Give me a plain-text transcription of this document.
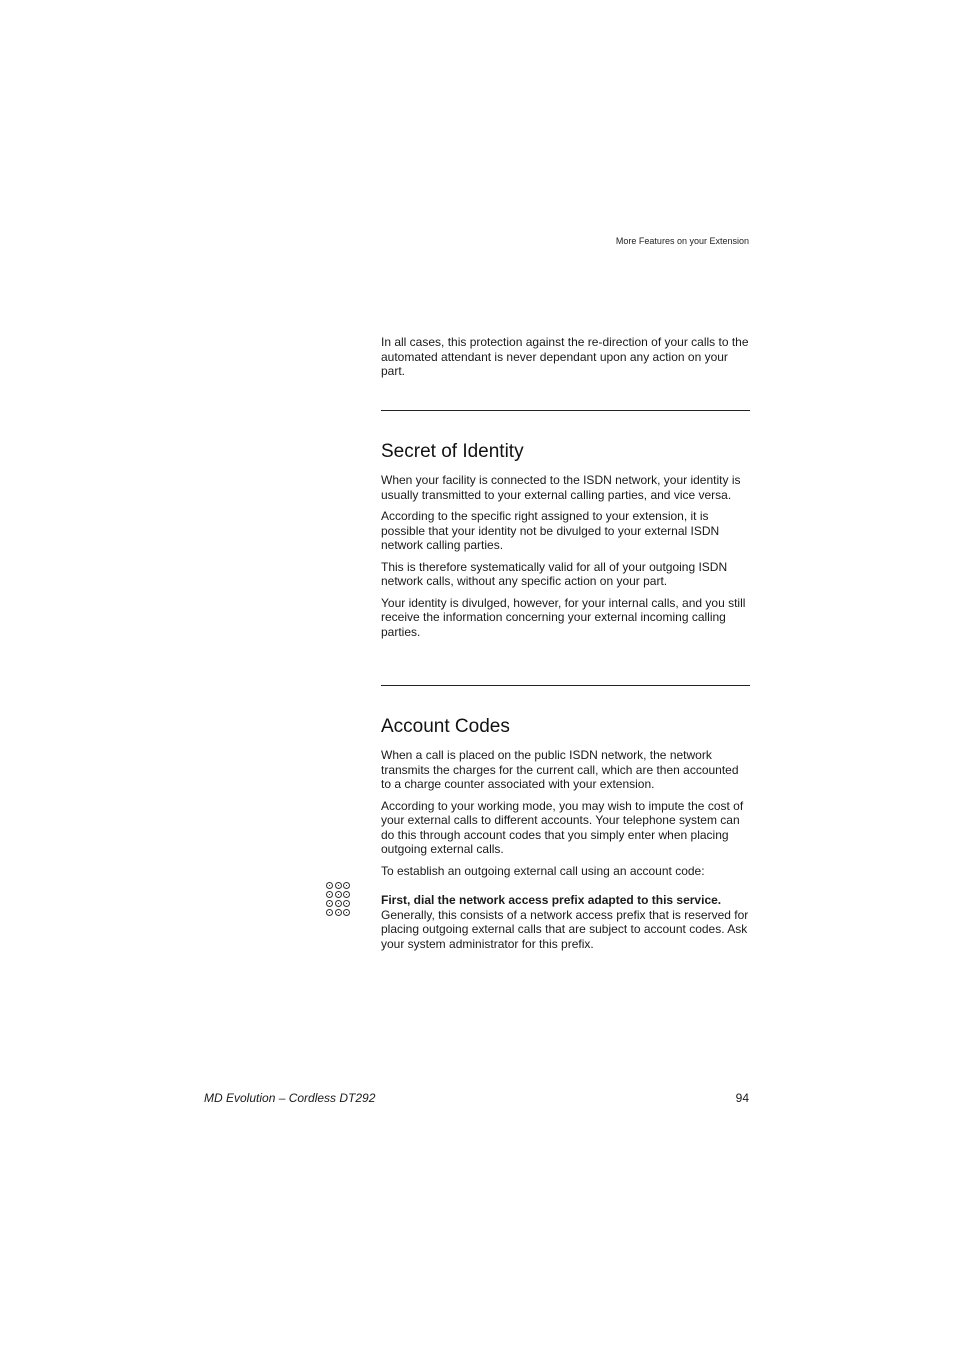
More Features on your Extension

In all cases, this protection against the re-direction of your calls to the automated attendant is never dependant upon any action on your part.

Secret of Identity

When your facility is connected to the ISDN network, your identity is usually transmitted to your external calling parties, and vice versa.

According to the specific right assigned to your extension, it is possible that your identity not be divulged to your external ISDN network calling parties.

This is therefore systematically valid for all of your outgoing ISDN network calls, without any specific action on your part.

Your identity is divulged, however, for your internal calls, and you still receive the information concerning your external incoming calling parties.

Account Codes

When a call is placed on the public ISDN network, the network transmits the charges for the current call, which are then accounted to a charge counter associated with your extension.

According to your working mode, you may wish to impute the cost of your external calls to different accounts. Your telephone system can do this through account codes that you simply enter when placing outgoing external calls.

To establish an outgoing external call using an account code:

First, dial the network access prefix adapted to this service.
Generally, this consists of a network access prefix that is reserved for placing outgoing external calls that are subject to account codes. Ask your system administrator for this prefix.

MD Evolution – Cordless DT292	94
